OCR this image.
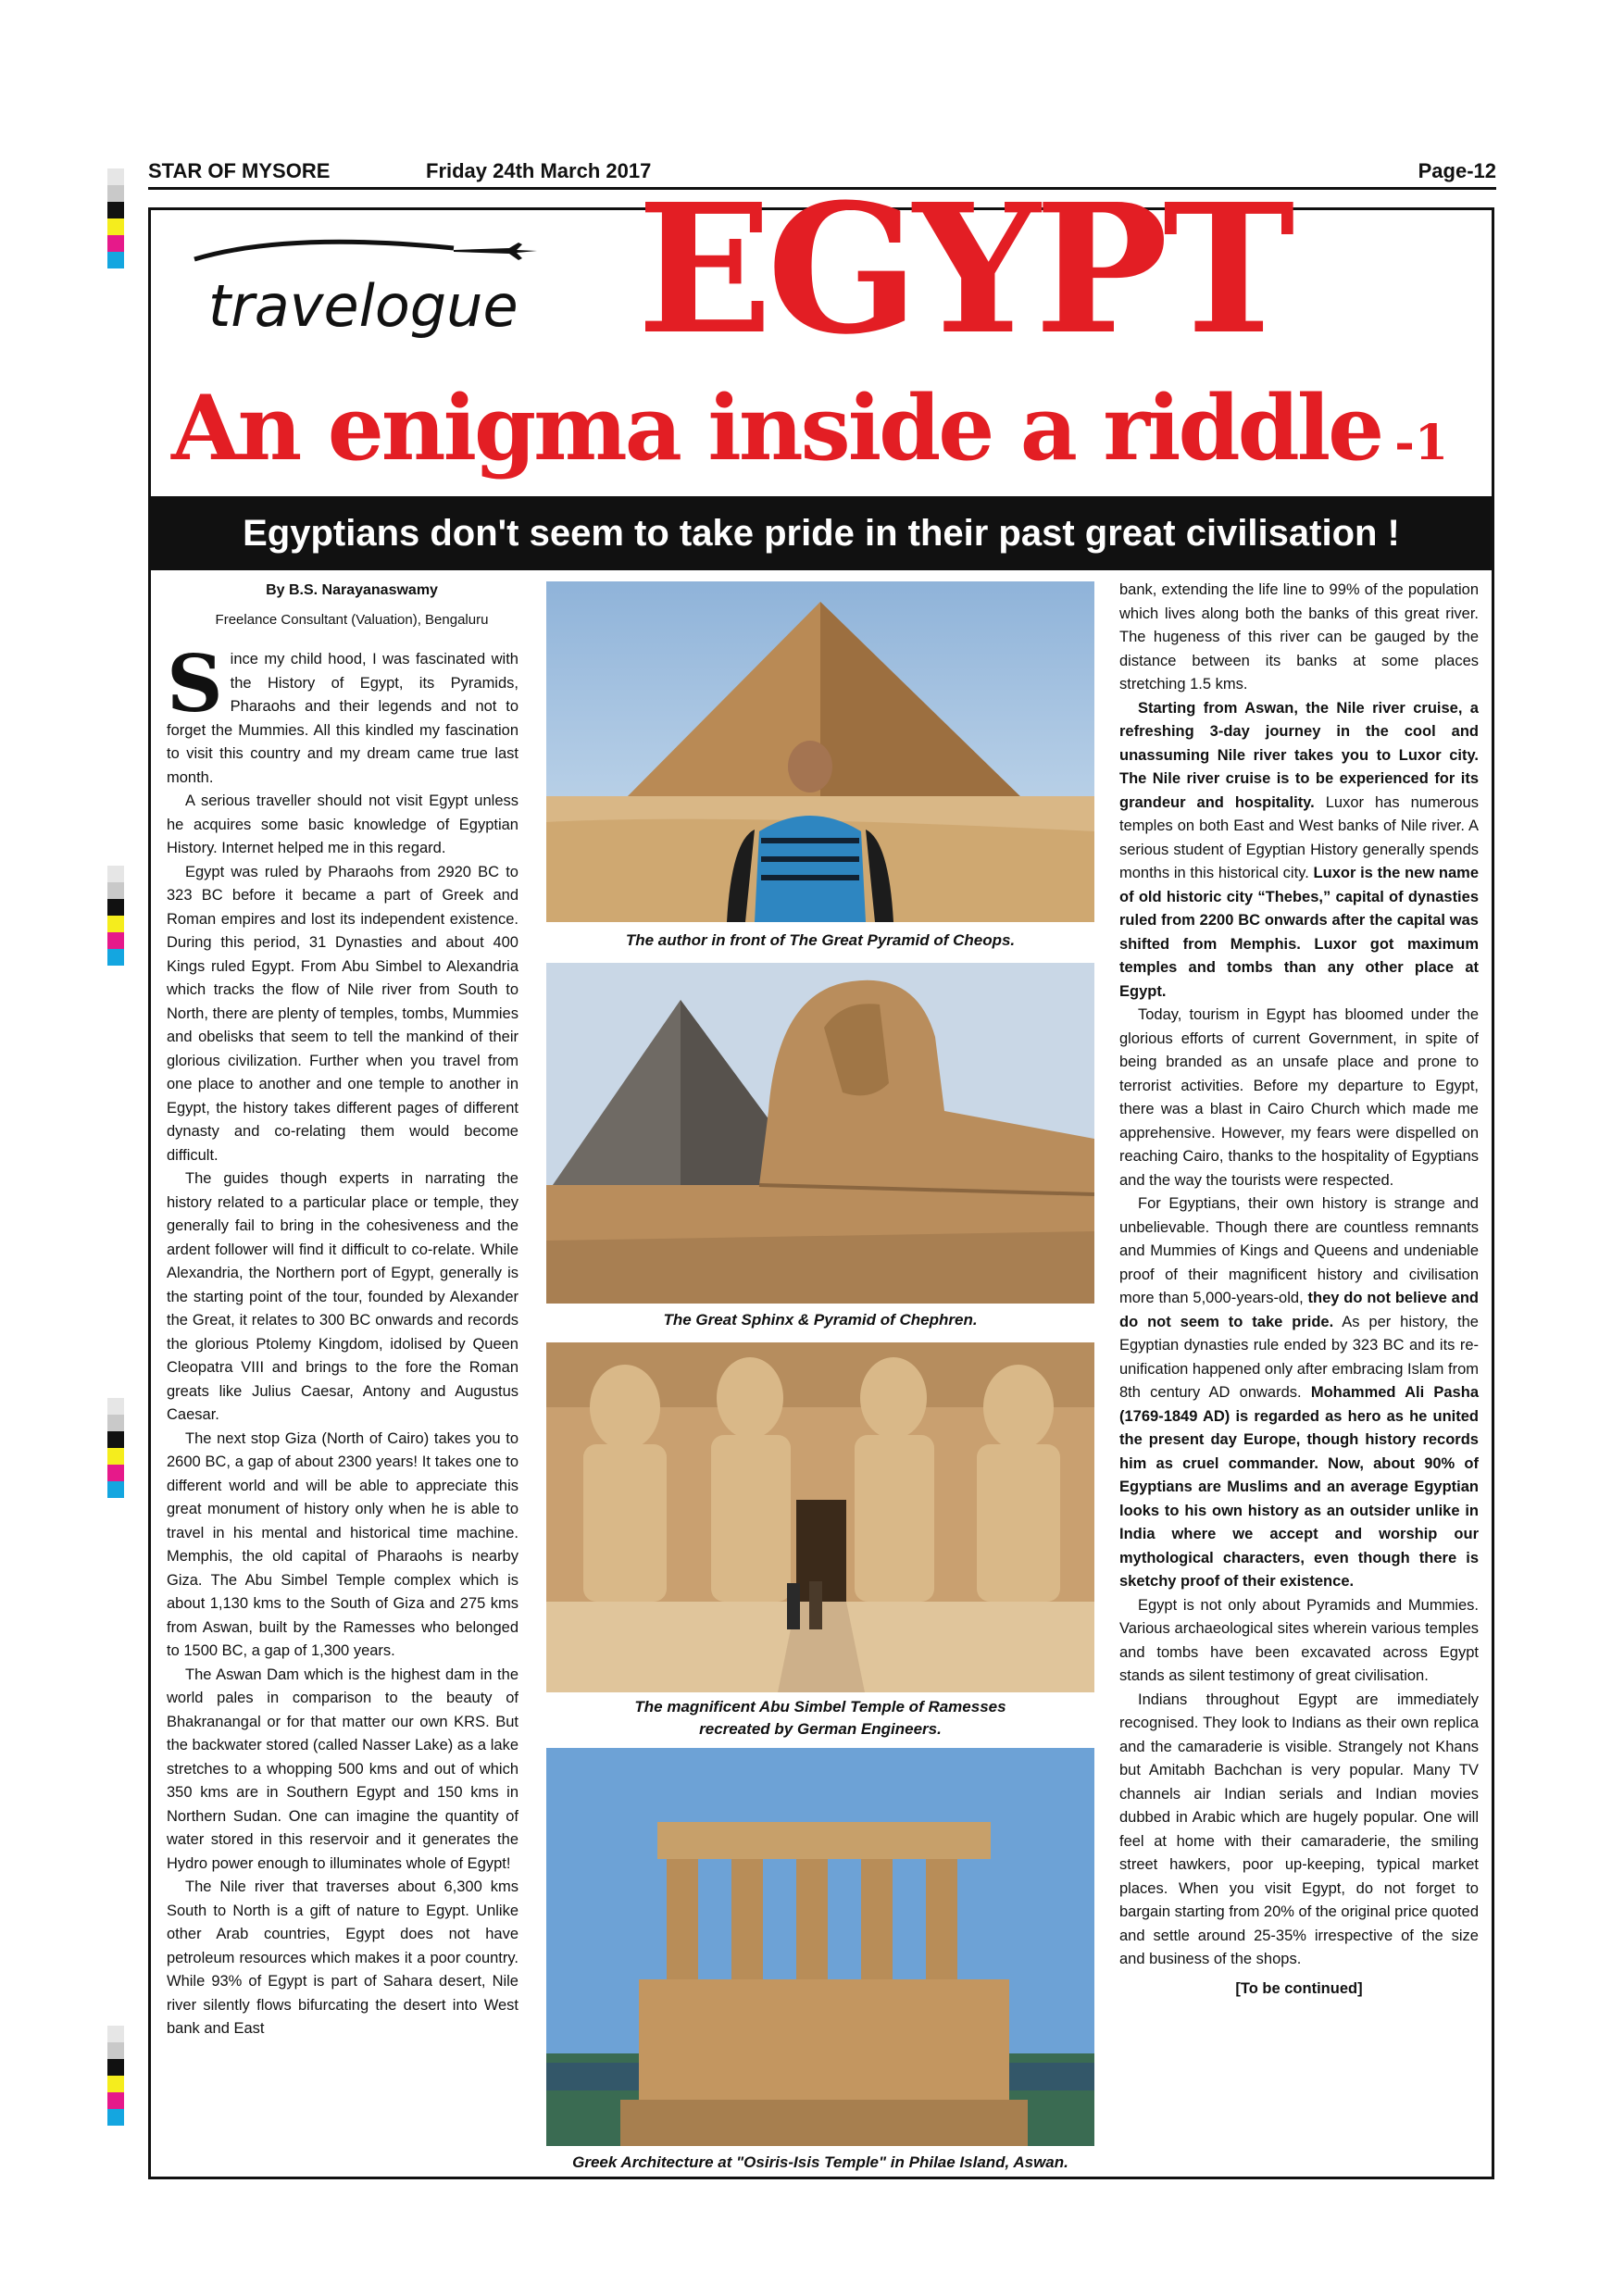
STAR OF MYSORE	Friday 24th March 2017	Page-12
travelogue EGYPT
An enigma inside a riddle -1
Egyptians don't seem to take pride in their past great civilisation !

By B.S. Narayanaswamy

Freelance Consultant (Valuation), Bengaluru

Since my child hood, I was fascinated with the History of Egypt, its Pyramids, Pharaohs and their legends and not to forget the Mummies. All this kindled my fascination to visit this country and my dream came true last month.

A serious traveller should not visit Egypt unless he acquires some basic knowledge of Egyptian History. Internet helped me in this regard.

Egypt was ruled by Pharaohs from 2920 BC to 323 BC before it became a part of Greek and Roman empires and lost its independent existence. During this period, 31 Dynasties and about 400 Kings ruled Egypt. From Abu Simbel to Alexandria which tracks the flow of Nile river from South to North, there are plenty of temples, tombs, Mummies and obelisks that seem to tell the mankind of their glorious civilization. Further when you travel from one place to another and one temple to another in Egypt, the history takes different pages of different dynasty and co-relating them would become difficult.

The guides though experts in narrating the history related to a particular place or temple, they generally fail to bring in the cohesiveness and the ardent follower will find it difficult to co-relate. While Alexandria, the Northern port of Egypt, generally is the starting point of the tour, founded by Alexander the Great, it relates to 300 BC onwards and records the glorious Ptolemy Kingdom, idolised by Queen Cleopatra VIII and brings to the fore the Roman greats like Julius Caesar, Antony and Augustus Caesar.

The next stop Giza (North of Cairo) takes you to 2600 BC, a gap of about 2300 years! It takes one to different world and will be able to appreciate this great monument of history only when he is able to travel in his mental and historical time machine. Memphis, the old capital of Pharaohs is nearby Giza. The Abu Simbel Temple complex which is about 1,130 kms to the South of Giza and 275 kms from Aswan, built by the Ramesses who belonged to 1500 BC, a gap of 1,300 years.

The Aswan Dam which is the highest dam in the world pales in comparison to the beauty of Bhakranangal or for that matter our own KRS. But the backwater stored (called Nasser Lake) as a lake stretches to a whopping 500 kms and out of which 350 kms are in Southern Egypt and 150 kms in Northern Sudan. One can imagine the quantity of water stored in this reservoir and it generates the Hydro power enough to illuminates whole of Egypt!

The Nile river that traverses about 6,300 kms South to North is a gift of nature to Egypt. Unlike other Arab countries, Egypt does not have petroleum resources which makes it a poor country. While 93% of Egypt is part of Sahara desert, Nile river silently flows bifurcating the desert into West bank and East

The author in front of The Great Pyramid of Cheops.
The Great Sphinx & Pyramid of Chephren.
The magnificent Abu Simbel Temple of Ramesses
recreated by German Engineers.
Greek Architecture at "Osiris-Isis Temple" in Philae Island, Aswan.

bank, extending the life line to 99% of the population which lives along both the banks of this great river. The hugeness of this river can be gauged by the distance between its banks at some places stretching 1.5 kms.

Starting from Aswan, the Nile river cruise, a refreshing 3-day journey in the cool and unassuming Nile river takes you to Luxor city. The Nile river cruise is to be experienced for its grandeur and hospitality. Luxor has numerous temples on both East and West banks of Nile river. A serious student of Egyptian History generally spends months in this historical city. Luxor is the new name of old historic city “Thebes,” capital of dynasties ruled from 2200 BC onwards after the capital was shifted from Memphis. Luxor got maximum temples and tombs than any other place at Egypt.

Today, tourism in Egypt has bloomed under the glorious efforts of current Government, in spite of being branded as an unsafe place and prone to terrorist activities. Before my departure to Egypt, there was a blast in Cairo Church which made me apprehensive. However, my fears were dispelled on reaching Cairo, thanks to the hospitality of Egyptians and the way the tourists were respected.

For Egyptians, their own history is strange and unbelievable. Though there are countless remnants and Mummies of Kings and Queens and undeniable proof of their magnificent history and civilisation more than 5,000-years-old, they do not believe and do not seem to take pride. As per history, the Egyptian dynasties rule ended by 323 BC and its re-unification happened only after embracing Islam from 8th century AD onwards. Mohammed Ali Pasha (1769-1849 AD) is regarded as hero as he united the present day Europe, though history records him as cruel commander. Now, about 90% of Egyptians are Muslims and an average Egyptian looks to his own history as an outsider unlike in India where we accept and worship our mythological characters, even though there is sketchy proof of their existence.

Egypt is not only about Pyramids and Mummies. Various archaeological sites wherein various temples and tombs have been excavated across Egypt stands as silent testimony of great civilisation.

Indians throughout Egypt are immediately recognised. They look to Indians as their own replica and the camaraderie is visible. Strangely not Khans but Amitabh Bachchan is very popular. Many TV channels air Indian serials and Indian movies dubbed in Arabic which are hugely popular. One will feel at home with their camaraderie, the smiling street hawkers, poor up-keeping, typical market places. When you visit Egypt, do not forget to bargain starting from 20% of the original price quoted and settle around 25-35% irrespective of the size and business of the shops.

[To be continued]
